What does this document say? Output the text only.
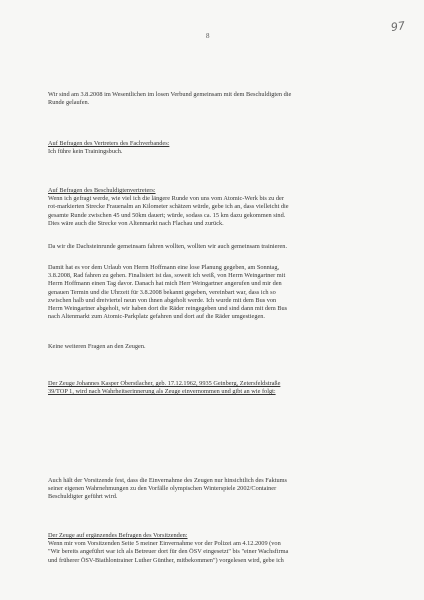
97
8
Wir sind am 3.8.2008 im Wesentlichen im losen Verbund gemeinsam mit dem Beschuldigten die
Runde gelaufen.
Auf Befragen des Vertreters des Fachverbandes:
Ich führe kein Trainingsbuch.
Auf Befragen des Beschuldigtenvertreters:
Wenn ich gefragt werde, wie viel ich die längere Runde von uns vom Atomic-Werk bis zu der
rot-markierten Strecke Frauenalm an Kilometer schätzen würde, gebe ich an, dass vielleicht die
gesamte Runde zwischen 45 und 50km dauert; würde, sodass ca. 15 km dazu gekommen sind.
Dies wäre auch die Strecke von Altenmarkt nach Flachau und zurück.
Da wir die Dachsteinrunde gemeinsam fahren wollten, wollten wir auch gemeinsam trainieren.
Damit hat es vor dem Urlaub von Herrn Hoffmann eine lose Planung gegeben, am Sonntag,
3.8.2008, Rad fahren zu gehen. Finalisiert ist das, soweit ich weiß, von Herrn Weingartner mit
Herrn Hoffmann einen Tag davor. Danach hat mich Herr Weingartner angerufen und mir den
genauen Termin und die Uhrzeit für 3.8.2008 bekannt gegeben, vereinbart war, dass ich so
zwischen halb und dreiviertel neun von ihnen abgeholt werde. Ich wurde mit dem Bus von
Herrn Weingartner abgeholt, wir haben dort die Räder reingegeben und sind dann mit dem Bus
nach Altenmarkt zum Atomic-Parkplatz gefahren und dort auf die Räder umgestiegen.
Keine weiteren Fragen an den Zeugen.
Der Zeuge Johannes Kasper Oberstlacher, geb. 17.12.1962, 9935 Geinberg, Zetersfeldstraße
39/TOP 1, wird nach Wahrheitserinnerung als Zeuge einvernommen und gibt an wie folgt:
Auch hält der Vorsitzende fest, dass die Einvernahme des Zeugen nur hinsichtlich des Faktums
seiner eigenen Wahrnehmungen zu den Vorfälle olympischen Winterspiele 2002/Container
Beschuldigter geführt wird.
Der Zeuge auf ergänzendes Befragen des Vorsitzenden:
Wenn mir vom Vorsitzenden Seite 5 meiner Einvernahme vor der Polizei am 4.12.2009 (von
"Wir bereits angeführt war ich als Betreuer dort für den ÖSV eingesetzt" bis "einer Wachsfirma
und früherer ÖSV-Biathlontrainer Luther Günther, mitbekommen") vorgelesen wird, gebe ich
